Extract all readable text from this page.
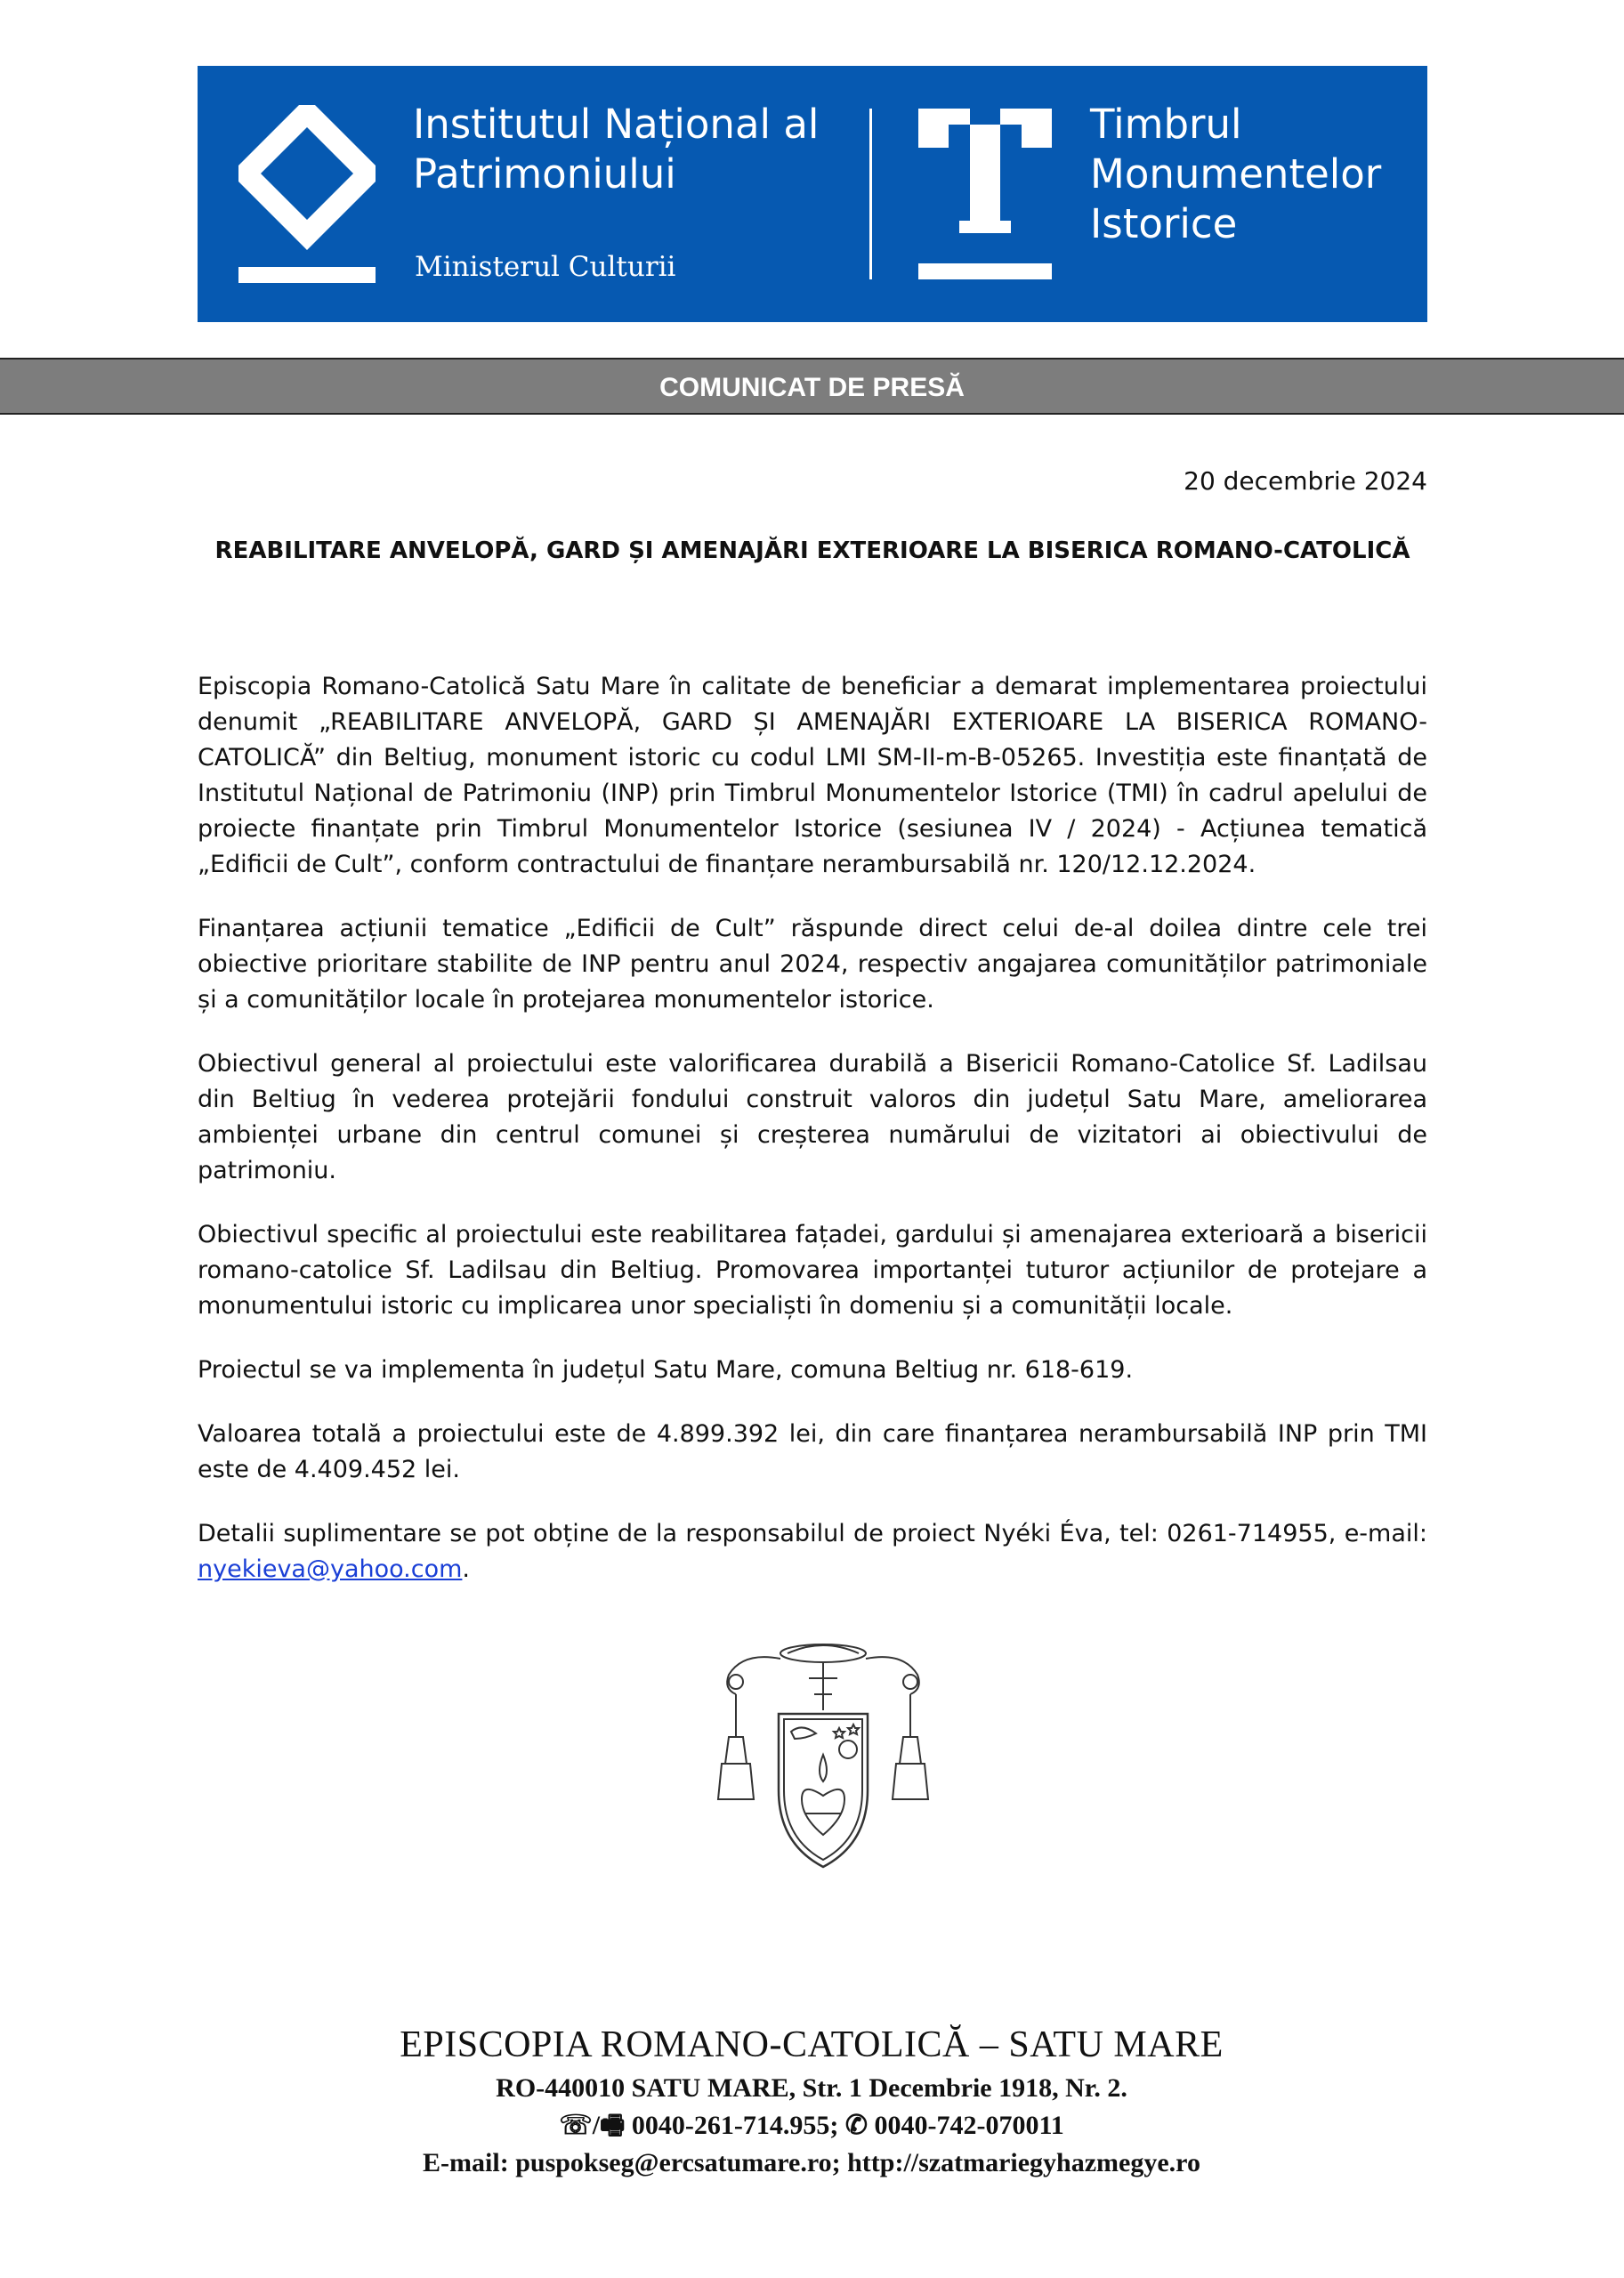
Institutul Național al
Patrimoniului
Ministerul Culturii
Timbrul
Monumentelor
Istorice
COMUNICAT DE PRESĂ
20 decembrie 2024
REABILITARE ANVELOPĂ, GARD ȘI AMENAJĂRI EXTERIOARE LA BISERICA ROMANO-CATOLICĂ

Episcopia Romano-Catolică Satu Mare în calitate de beneficiar a demarat implementarea proiectului denumit „REABILITARE ANVELOPĂ, GARD ȘI AMENAJĂRI EXTERIOARE LA BISERICA ROMANO-CATOLICĂ” din Beltiug, monument istoric cu codul LMI SM-II-m-B-05265. Investiția este finanțată de Institutul Național de Patrimoniu (INP) prin Timbrul Monumentelor Istorice (TMI) în cadrul apelului de proiecte finanțate prin Timbrul Monumentelor Istorice (sesiunea IV / 2024) - Acțiunea tematică „Edificii de Cult”, conform contractului de finanțare nerambursabilă nr. 120/12.12.2024.

Finanțarea acțiunii tematice „Edificii de Cult” răspunde direct celui de-al doilea dintre cele trei obiective prioritare stabilite de INP pentru anul 2024, respectiv angajarea comunităților patrimoniale și a comunităților locale în protejarea monumentelor istorice.

Obiectivul general al proiectului este valorificarea durabilă a Bisericii Romano-Catolice Sf. Ladilsau din Beltiug în vederea protejării fondului construit valoros din județul Satu Mare, ameliorarea ambienței urbane din centrul comunei și creșterea numărului de vizitatori ai obiectivului de patrimoniu.

Obiectivul specific al proiectului este reabilitarea fațadei, gardului și amenajarea exterioară a bisericii romano-catolice Sf. Ladilsau din Beltiug. Promovarea importanței tuturor acțiunilor de protejare a monumentului istoric cu implicarea unor specialiști în domeniu și a comunității locale.

Proiectul se va implementa în județul Satu Mare, comuna Beltiug nr. 618-619.

Valoarea totală a proiectului este de 4.899.392 lei, din care finanțarea nerambursabilă INP prin TMI este de 4.409.452 lei.

Detalii suplimentare se pot obține de la responsabilul de proiect Nyéki Éva, tel: 0261-714955, e-mail: nyekieva@yahoo.com.

EPISCOPIA ROMANO-CATOLICĂ – SATU MARE
RO-440010 SATU MARE, Str. 1 Decembrie 1918, Nr. 2.
☏/🖷 0040-261-714.955; ✆ 0040-742-070011
E-mail: puspokseg@ercsatumare.ro; http://szatmariegyhazmegye.ro
